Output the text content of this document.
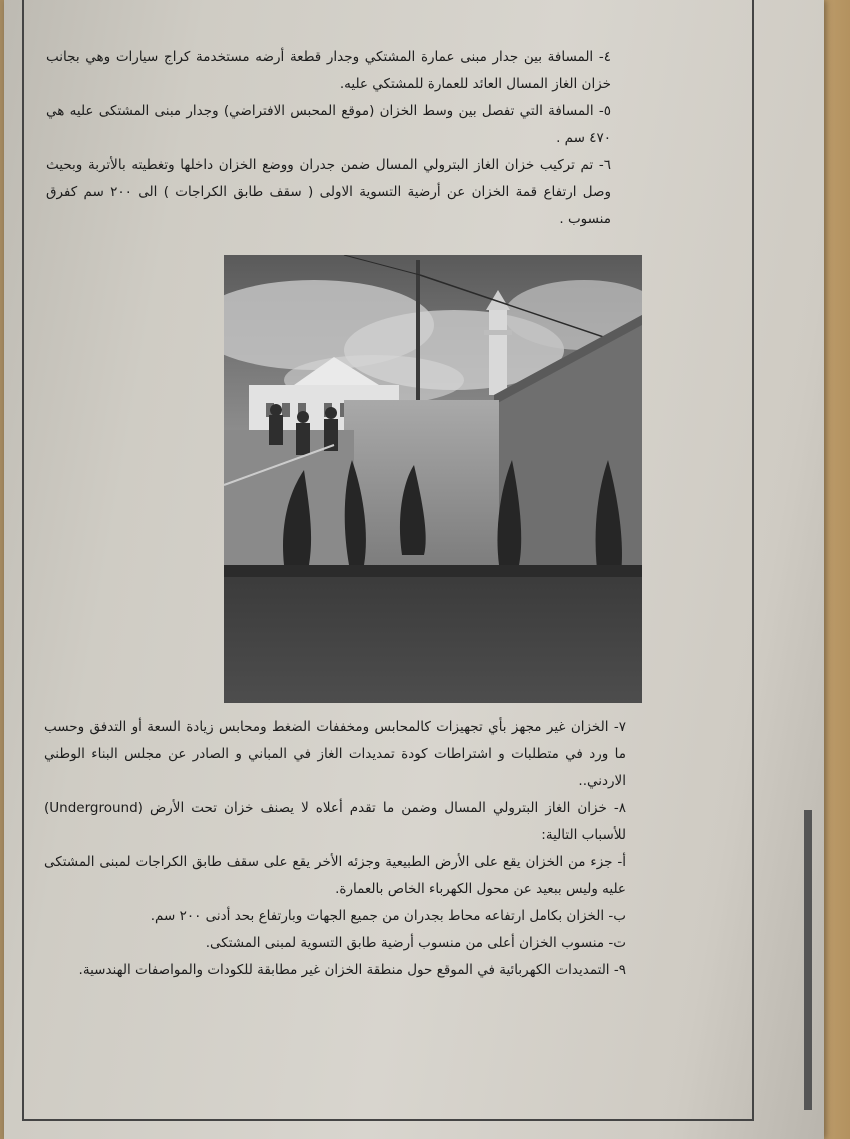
٤- المسافة بين جدار مبنى عمارة المشتكي وجدار قطعة أرضه مستخدمة كراج سيارات وهي بجانب خزان الغاز المسال العائد للعمارة للمشتكي عليه.

٥- المسافة التي تفصل بين وسط الخزان (موقع المحبس الافتراضي) وجدار مبنى المشتكى عليه هي ٤٧٠ سم .

٦- تم تركيب خزان الغاز البترولي المسال ضمن جدران ووضع الخزان داخلها وتغطيته بالأتربة وبحيث وصل ارتفاع قمة الخزان عن أرضية التسوية الاولى ( سقف طابق الكراجات ) الى ٢٠٠ سم كفرق منسوب .

٧- الخزان غير مجهز بأي تجهيزات كالمحابس ومخففات الضغط ومحابس زيادة السعة أو التدفق وحسب ما ورد في متطلبات و اشتراطات كودة تمديدات الغاز في المباني و الصادر عن مجلس البناء الوطني الاردني..

٨- خزان الغاز البترولي المسال وضمن ما تقدم أعلاه لا يصنف خزان تحت الأرض (Underground) للأسباب التالية:

أ- جزء من الخزان يقع على الأرض الطبيعية وجزئه الأخر يقع على سقف طابق الكراجات لمبنى المشتكى عليه وليس ببعيد عن محول الكهرباء الخاص بالعمارة.

ب- الخزان بكامل ارتفاعه محاط بجدران من جميع الجهات وبارتفاع بحد أدنى ٢٠٠ سم.

ت- منسوب الخزان أعلى من منسوب أرضية طابق التسوية لمبنى المشتكى.

٩- التمديدات الكهربائية في الموقع حول منطقة الخزان غير مطابقة للكودات والمواصفات الهندسية.
